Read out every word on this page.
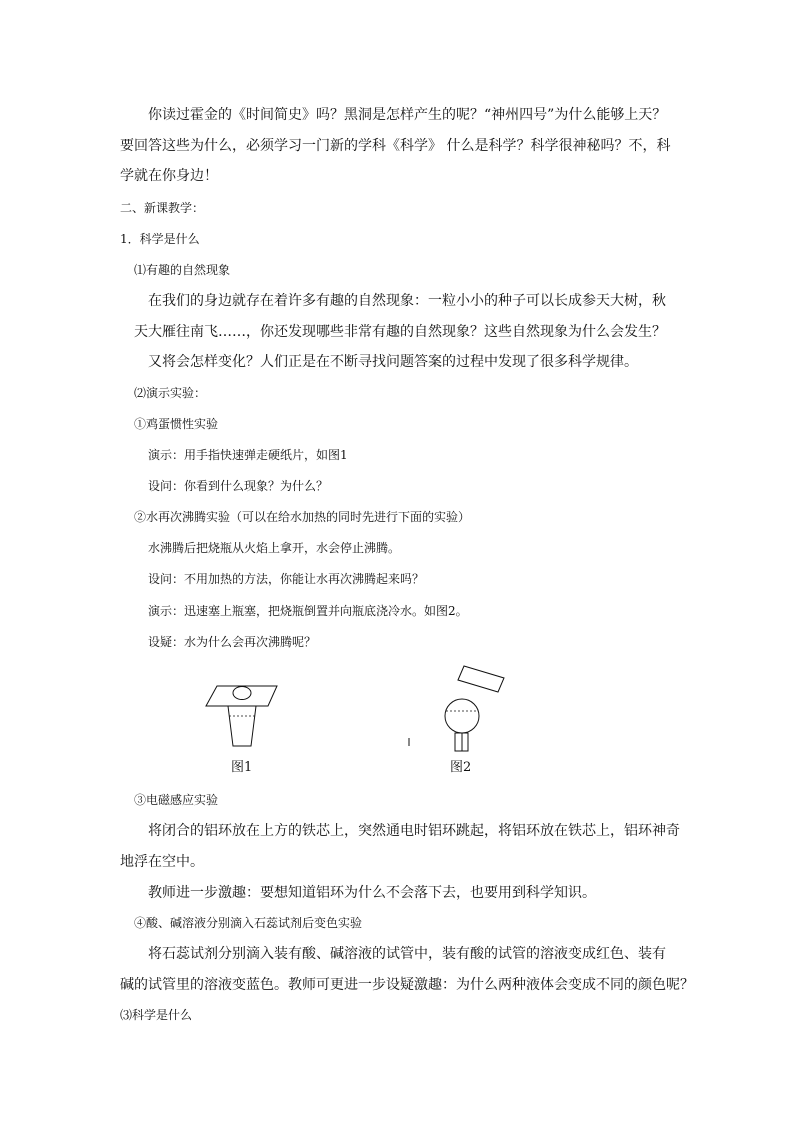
你读过霍金的《时间简史》吗？黑洞是怎样产生的呢？“神州四号”为什么能够上天？
要回答这些为什么，必须学习一门新的学科《科学》 什么是科学？科学很神秘吗？不，科
学就在你身边！
二、新课教学：
1．科学是什么
⑴有趣的自然现象
在我们的身边就存在着许多有趣的自然现象：一粒小小的种子可以长成参天大树，秋
天大雁往南飞……，你还发现哪些非常有趣的自然现象？这些自然现象为什么会发生？
又将会怎样变化？人们正是在不断寻找问题答案的过程中发现了很多科学规律。
⑵演示实验：
①鸡蛋惯性实验
演示：用手指快速弹走硬纸片，如图1
设问：你看到什么现象？为什么？
②水再次沸腾实验（可以在给水加热的同时先进行下面的实验）
水沸腾后把烧瓶从火焰上拿开，水会停止沸腾。
设问：不用加热的方法，你能让水再次沸腾起来吗？
演示：迅速塞上瓶塞，把烧瓶倒置并向瓶底浇冷水。如图2。
设疑：水为什么会再次沸腾呢？
图1	图2
③电磁感应实验
将闭合的铝环放在上方的铁芯上，突然通电时铝环跳起，将铝环放在铁芯上，铝环神奇
地浮在空中。
教师进一步激趣：要想知道铝环为什么不会落下去，也要用到科学知识。
④酸、碱溶液分别滴入石蕊试剂后变色实验
将石蕊试剂分别滴入装有酸、碱溶液的试管中，装有酸的试管的溶液变成红色、装有
碱的试管里的溶液变蓝色。教师可更进一步设疑激趣：为什么两种液体会变成不同的颜色呢？
⑶科学是什么
